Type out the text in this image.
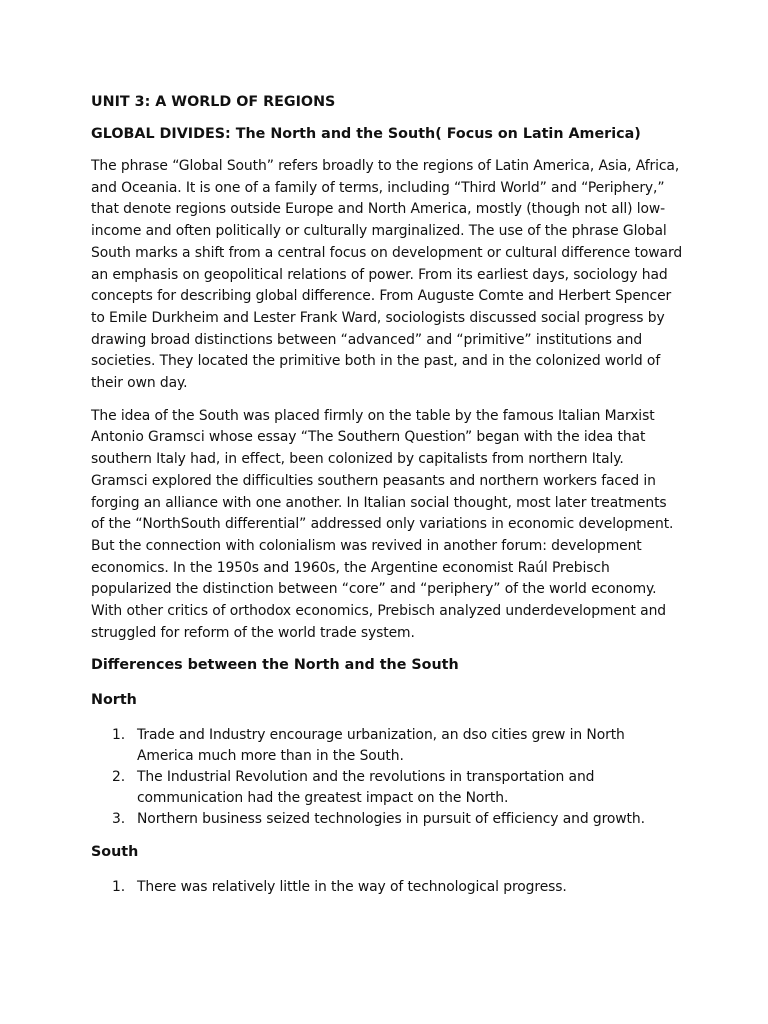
UNIT 3: A WORLD OF REGIONS
GLOBAL DIVIDES: The North and the South( Focus on Latin America)

The phrase “Global South” refers broadly to the regions of Latin America, Asia, Africa, and Oceania. It is one of a family of terms, including “Third World” and “Periphery,” that denote regions outside Europe and North America, mostly (though not all) low-income and often politically or culturally marginalized. The use of the phrase Global South marks a shift from a central focus on development or cultural difference toward an emphasis on geopolitical relations of power. From its earliest days, sociology had concepts for describing global difference. From Auguste Comte and Herbert Spencer to Emile Durkheim and Lester Frank Ward, sociologists discussed social progress by drawing broad distinctions between “advanced” and “primitive” institutions and societies. They located the primitive both in the past, and in the colonized world of their own day.

The idea of the South was placed firmly on the table by the famous Italian Marxist Antonio Gramsci whose essay “The Southern Question” began with the idea that southern Italy had, in effect, been colonized by capitalists from northern Italy. Gramsci explored the difficulties southern peasants and northern workers faced in forging an alliance with one another. In Italian social thought, most later treatments of the “NorthSouth differential” addressed only variations in economic development. But the connection with colonialism was revived in another forum: development economics. In the 1950s and 1960s, the Argentine economist Raúl Prebisch popularized the distinction between “core” and “periphery” of the world economy. With other critics of orthodox economics, Prebisch analyzed underdevelopment and struggled for reform of the world trade system.

Differences between the North and the South
North
1. Trade and Industry encourage urbanization, an dso cities grew in North America much more than in the South.
2. The Industrial Revolution and the revolutions in transportation and communication had the greatest impact on the North.
3. Northern business seized technologies in pursuit of efficiency and growth.
South
1. There was relatively little in the way of technological progress.
